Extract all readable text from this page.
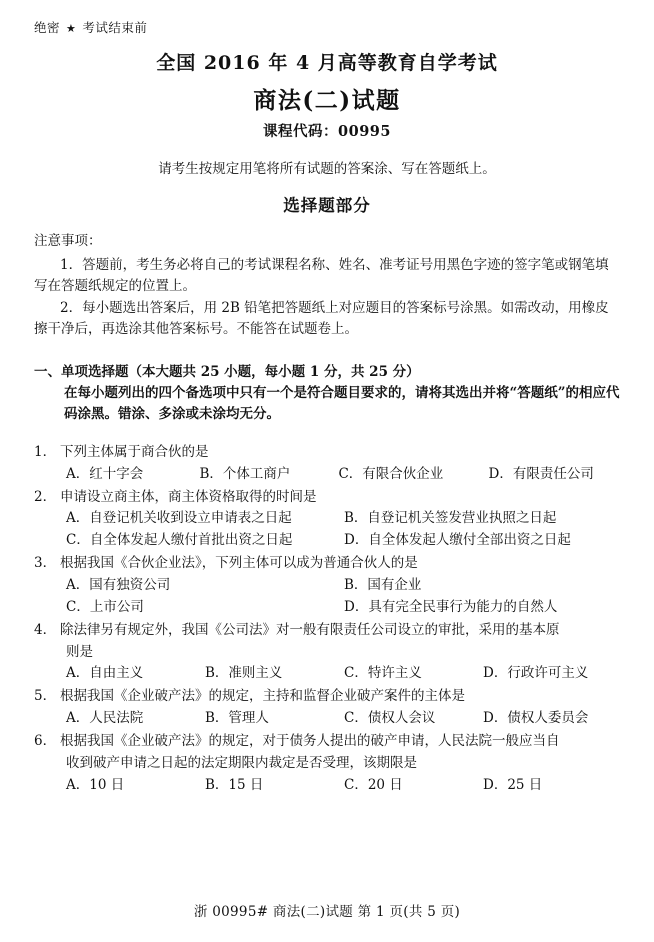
绝密 ★ 考试结束前
全国 2016 年 4 月高等教育自学考试
商法(二)试题
课程代码：00995
请考生按规定用笔将所有试题的答案涂、写在答题纸上。
选择题部分
注意事项：
1．答题前，考生务必将自己的考试课程名称、姓名、准考证号用黑色字迹的签字笔或钢笔填写在答题纸规定的位置上。
2．每小题选出答案后，用 2B 铅笔把答题纸上对应题目的答案标号涂黑。如需改动，用橡皮擦干净后，再选涂其他答案标号。不能答在试题卷上。
一、单项选择题（本大题共 25 小题，每小题 1 分，共 25 分）
在每小题列出的四个备选项中只有一个是符合题目要求的，请将其选出并将“答题纸”的相应代码涂黑。错涂、多涂或未涂均无分。
1． 下列主体属于商合伙的是
A．红十字会	B．个体工商户	C．有限合伙企业	D．有限责任公司
2． 申请设立商主体，商主体资格取得的时间是
A．自登记机关收到设立申请表之日起	B．自登记机关签发营业执照之日起
C．自全体发起人缴付首批出资之日起	D．自全体发起人缴付全部出资之日起
3． 根据我国《合伙企业法》，下列主体可以成为普通合伙人的是
A．国有独资公司	B．国有企业
C．上市公司	D．具有完全民事行为能力的自然人
4． 除法律另有规定外，我国《公司法》对一般有限责任公司设立的审批，采用的基本原
则是
A．自由主义	B．准则主义	C．特许主义	D．行政许可主义
5． 根据我国《企业破产法》的规定，主持和监督企业破产案件的主体是
A．人民法院	B．管理人	C．债权人会议	D．债权人委员会
6． 根据我国《企业破产法》的规定，对于债务人提出的破产申请，人民法院一般应当自
收到破产申请之日起的法定期限内裁定是否受理，该期限是
A．10 日	B．15 日	C．20 日	D．25 日
浙 00995# 商法(二)试题 第 1 页(共 5 页)
